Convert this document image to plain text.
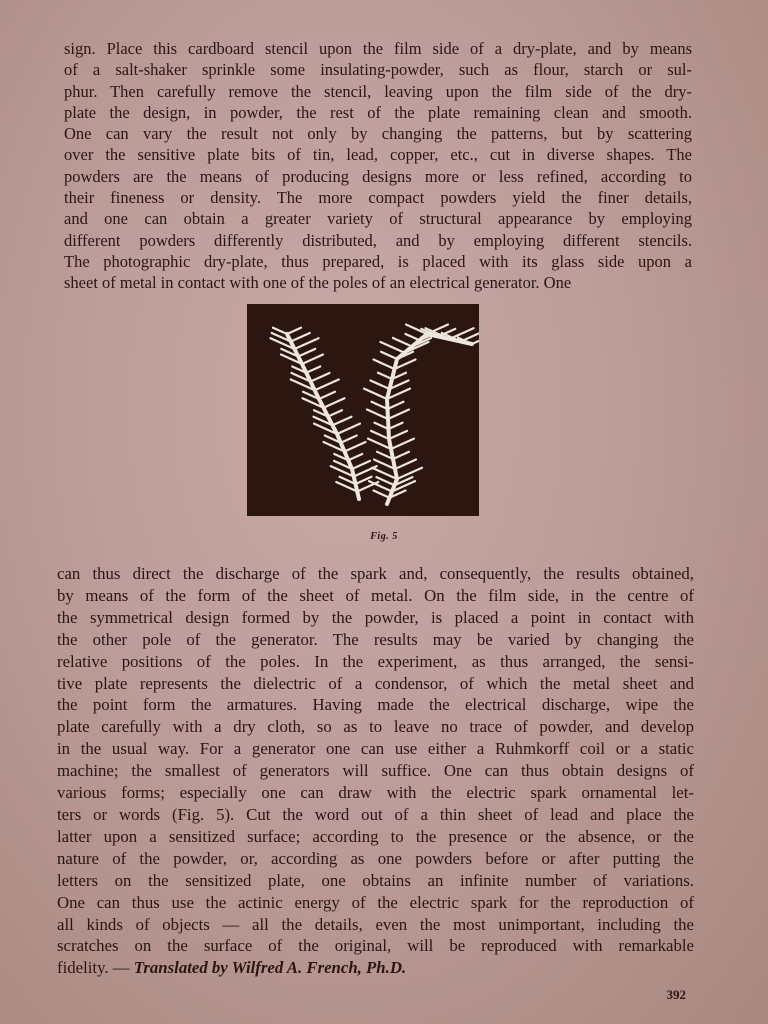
sign. Place this cardboard stencil upon the film side of a dry-plate, and by means
of a salt-shaker sprinkle some insulating-powder, such as flour, starch or sul-
phur. Then carefully remove the stencil, leaving upon the film side of the dry-
plate the design, in powder, the rest of the plate remaining clean and smooth.
One can vary the result not only by changing the patterns, but by scattering
over the sensitive plate bits of tin, lead, copper, etc., cut in diverse shapes. The
powders are the means of producing designs more or less refined, according to
their fineness or density. The more compact powders yield the finer details,
and one can obtain a greater variety of structural appearance by employing
different powders differently distributed, and by employing different stencils.
The photographic dry-plate, thus prepared, is placed with its glass side upon a
sheet of metal in contact with one of the poles of an electrical generator. One
Fig. 5
can thus direct the discharge of the spark and, consequently, the results obtained,
by means of the form of the sheet of metal. On the film side, in the centre of
the symmetrical design formed by the powder, is placed a point in contact with
the other pole of the generator. The results may be varied by changing the
relative positions of the poles. In the experiment, as thus arranged, the sensi-
tive plate represents the dielectric of a condensor, of which the metal sheet and
the point form the armatures. Having made the electrical discharge, wipe the
plate carefully with a dry cloth, so as to leave no trace of powder, and develop
in the usual way. For a generator one can use either a Ruhmkorff coil or a static
machine; the smallest of generators will suffice. One can thus obtain designs of
various forms; especially one can draw with the electric spark ornamental let-
ters or words (Fig. 5). Cut the word out of a thin sheet of lead and place the
latter upon a sensitized surface; according to the presence or the absence, or the
nature of the powder, or, according as one powders before or after putting the
letters on the sensitized plate, one obtains an infinite number of variations.
One can thus use the actinic energy of the electric spark for the reproduction of
all kinds of objects — all the details, even the most unimportant, including the
scratches on the surface of the original, will be reproduced with remarkable
fidelity. — Translated by Wilfred A. French, Ph.D.
392
